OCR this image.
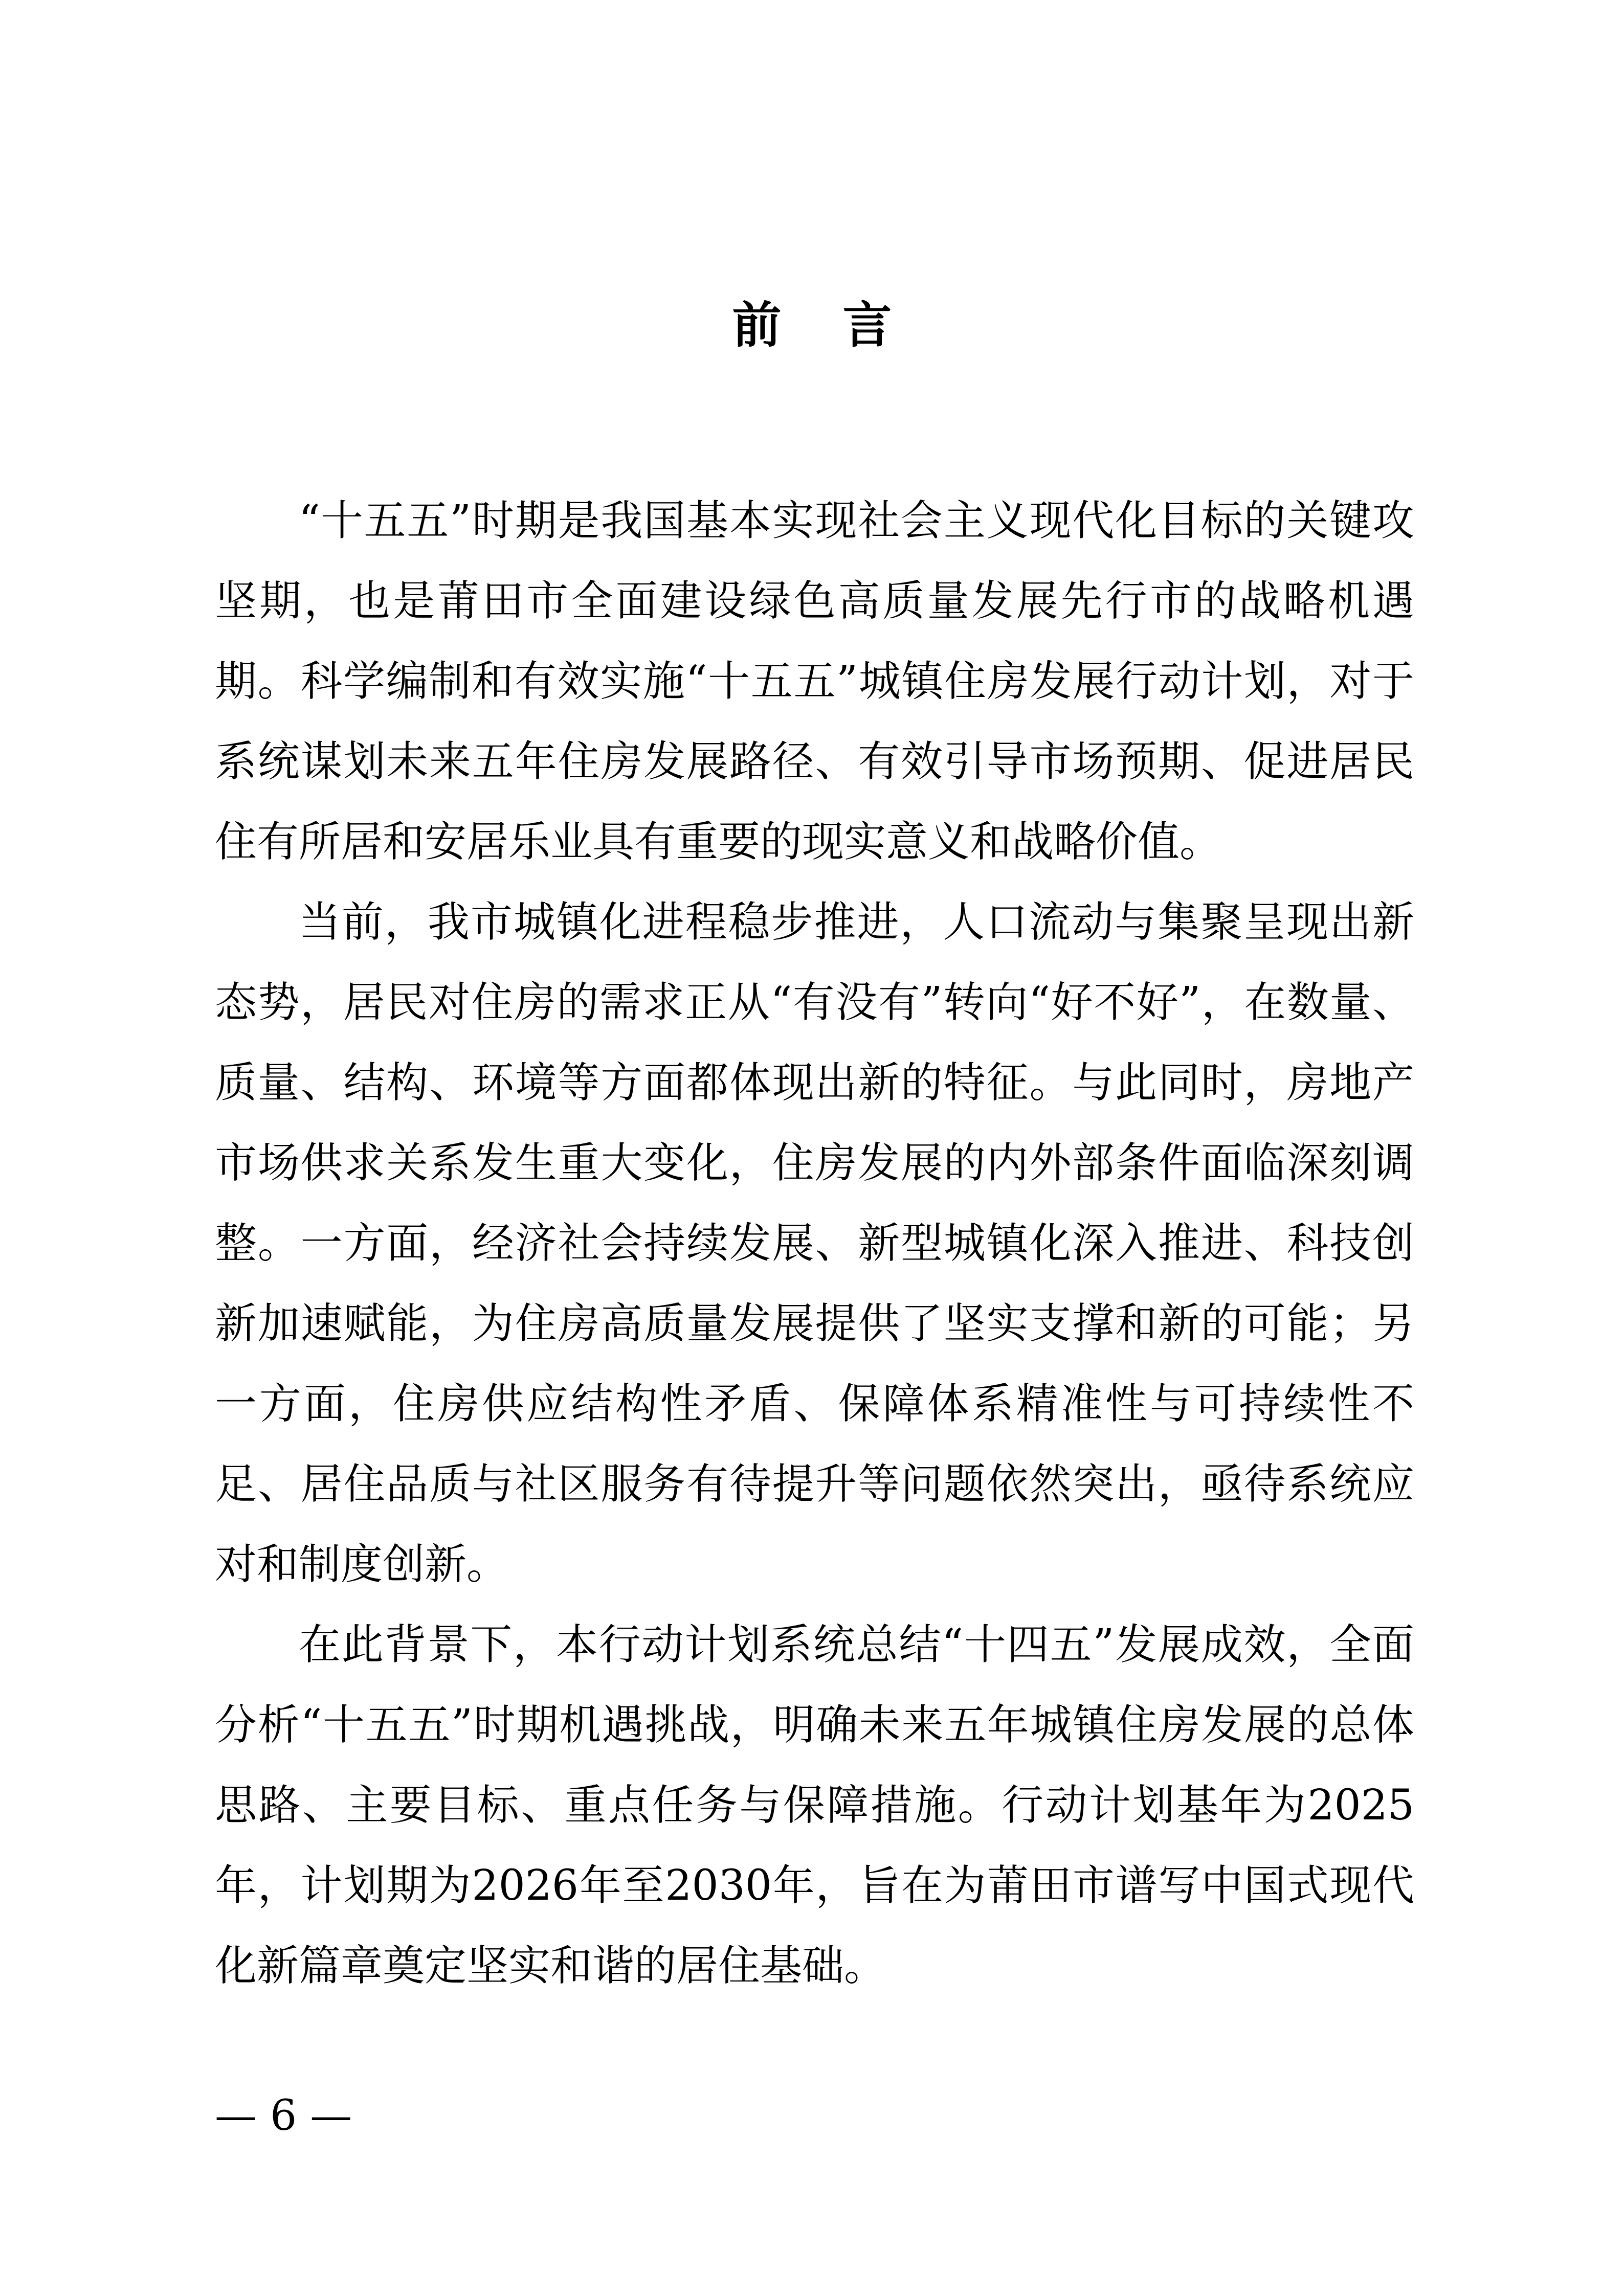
前言

“十五五”时期是我国基本实现社会主义现代化目标的关键攻坚期，也是莆田市全面建设绿色高质量发展先行市的战略机遇期。科学编制和有效实施“十五五”城镇住房发展行动计划，对于系统谋划未来五年住房发展路径、有效引导市场预期、促进居民住有所居和安居乐业具有重要的现实意义和战略价值。

当前，我市城镇化进程稳步推进，人口流动与集聚呈现出新态势，居民对住房的需求正从“有没有”转向“好不好”，在数量、质量、结构、环境等方面都体现出新的特征。与此同时，房地产市场供求关系发生重大变化，住房发展的内外部条件面临深刻调整。一方面，经济社会持续发展、新型城镇化深入推进、科技创新加速赋能，为住房高质量发展提供了坚实支撑和新的可能；另一方面，住房供应结构性矛盾、保障体系精准性与可持续性不足、居住品质与社区服务有待提升等问题依然突出，亟待系统应对和制度创新。

在此背景下，本行动计划系统总结“十四五”发展成效，全面分析“十五五”时期机遇挑战，明确未来五年城镇住房发展的总体思路、主要目标、重点任务与保障措施。行动计划基年为2025年，计划期为2026年至2030年，旨在为莆田市谱写中国式现代化新篇章奠定坚实和谐的居住基础。

— 6 —
